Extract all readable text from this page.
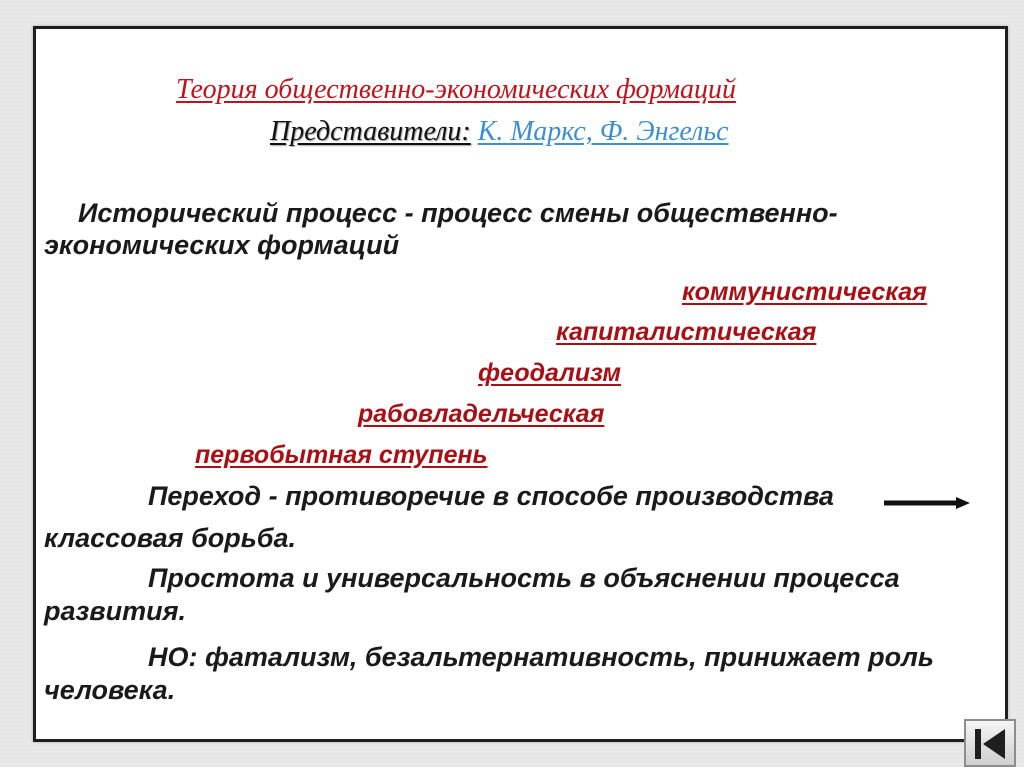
Теория общественно-экономических формаций
Представители: К. Маркс, Ф. Энгельс
Исторический процесс - процесс смены общественно-
экономических формаций
коммунистическая
капиталистическая
феодализм
рабовладельческая
первобытная ступень
Переход - противоречие в способе производства
классовая борьба.
Простота и универсальность в объяснении процесса
развития.
НО: фатализм, безальтернативность, принижает роль
человека.
